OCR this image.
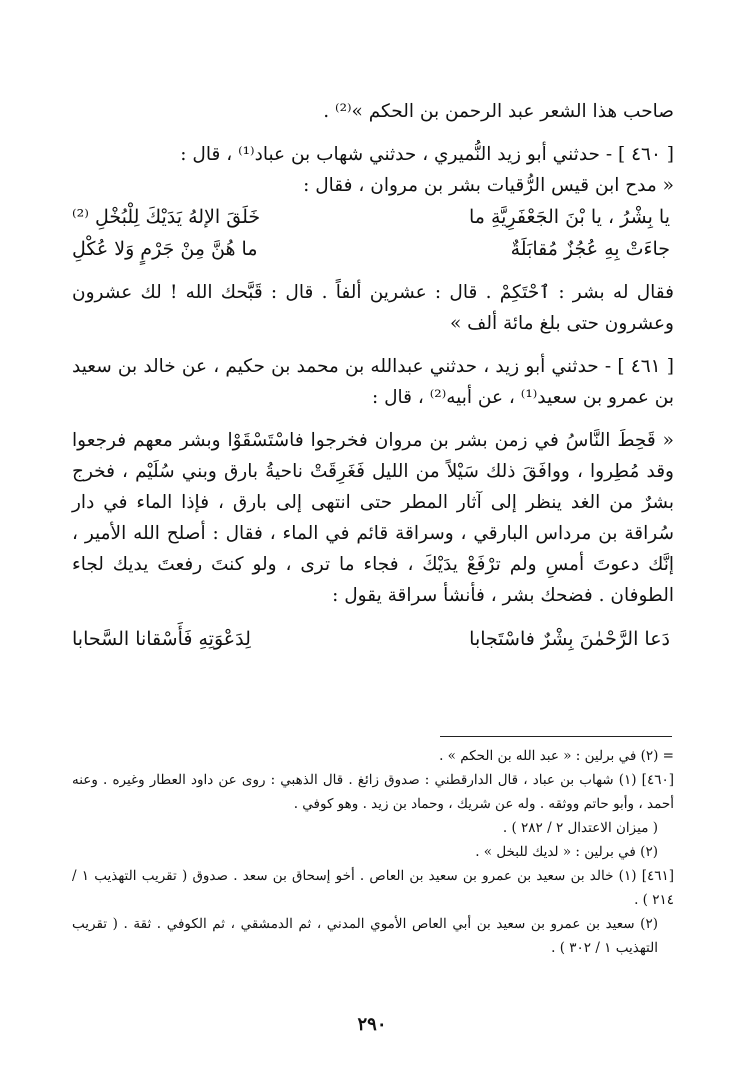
صاحب هذا الشعر عبد الرحمن بن الحكم »⁽²⁾ .

[ ٤٦٠ ] - حدثني أبو زيد النُّميري ، حدثني شهاب بن عباد⁽¹⁾ ، قال :

« مدح ابن قيس الرُّقيات بشر بن مروان ، فقال :

يا بِشْرُ ، يا بْنَ الجَعْفَرِيَّةِ ما
خَلَقَ الإلهُ يَدَيْكَ لِلْبُخْلِ ⁽²⁾
جاءَتْ بِهِ عُجُزٌ مُقابَلَةٌ
ما هُنَّ مِنْ جَرْمٍ وَلا عُكْلِ

فقال له بشر : ٱحْتَكِمْ . قال : عشرين ألفاً . قال : قَبَّحك الله ! لك عشرون وعشرون حتى بلغ مائة ألف »

[ ٤٦١ ] - حدثني أبو زيد ، حدثني عبدالله بن محمد بن حكيم ، عن خالد بن سعيد بن عمرو بن سعيد⁽¹⁾ ، عن أبيه⁽²⁾ ، قال :

« قَحِطَ النَّاسُ في زمن بشر بن مروان فخرجوا فاسْتَسْقَوْا وبشر معهم فرجعوا وقد مُطِروا ، ووافَقَ ذلك سَيْلاً من الليل فَغَرِقَتْ ناحيةُ بارق وبني سُلَيْم ، فخرج بشرٌ من الغد ينظر إلى آثار المطر حتى انتهى إلى بارق ، فإذا الماء في دار سُراقة بن مرداس البارقي ، وسراقة قائم في الماء ، فقال : أصلح الله الأمير ، إنَّك دعوتَ أمسِ ولم ترْفَعْ يدَيْكَ ، فجاء ما ترى ، ولو كنتَ رفعتَ يديك لجاء الطوفان . فضحك بشر ، فأنشأ سراقة يقول :

دَعا الرَّحْمٰنَ بِشْرٌ فاسْتَجابا
لِدَعْوَتِهِ فَأَسْقانا السَّحابا

= (٢) في برلين : « عبد الله بن الحكم » .

[٤٦٠] (١) شهاب بن عباد ، قال الدارقطني : صدوق زائغ . قال الذهبي : روى عن داود العطار وغيره . وعنه أحمد ، وأبو حاتم ووثقه . وله عن شريك ، وحماد بن زيد . وهو كوفي .

( ميزان الاعتدال ٢ / ٢٨٢ ) .

(٢) في برلين : « لديك للبخل » .

[٤٦١] (١) خالد بن سعيد بن عمرو بن سعيد بن العاص . أخو إسحاق بن سعد . صدوق ( تقريب التهذيب ١ / ٢١٤ ) .

(٢) سعيد بن عمرو بن سعيد بن أبي العاص الأموي المدني ، ثم الدمشقي ، ثم الكوفي . ثقة . ( تقريب التهذيب ١ / ٣٠٢ ) .

٢٩٠
